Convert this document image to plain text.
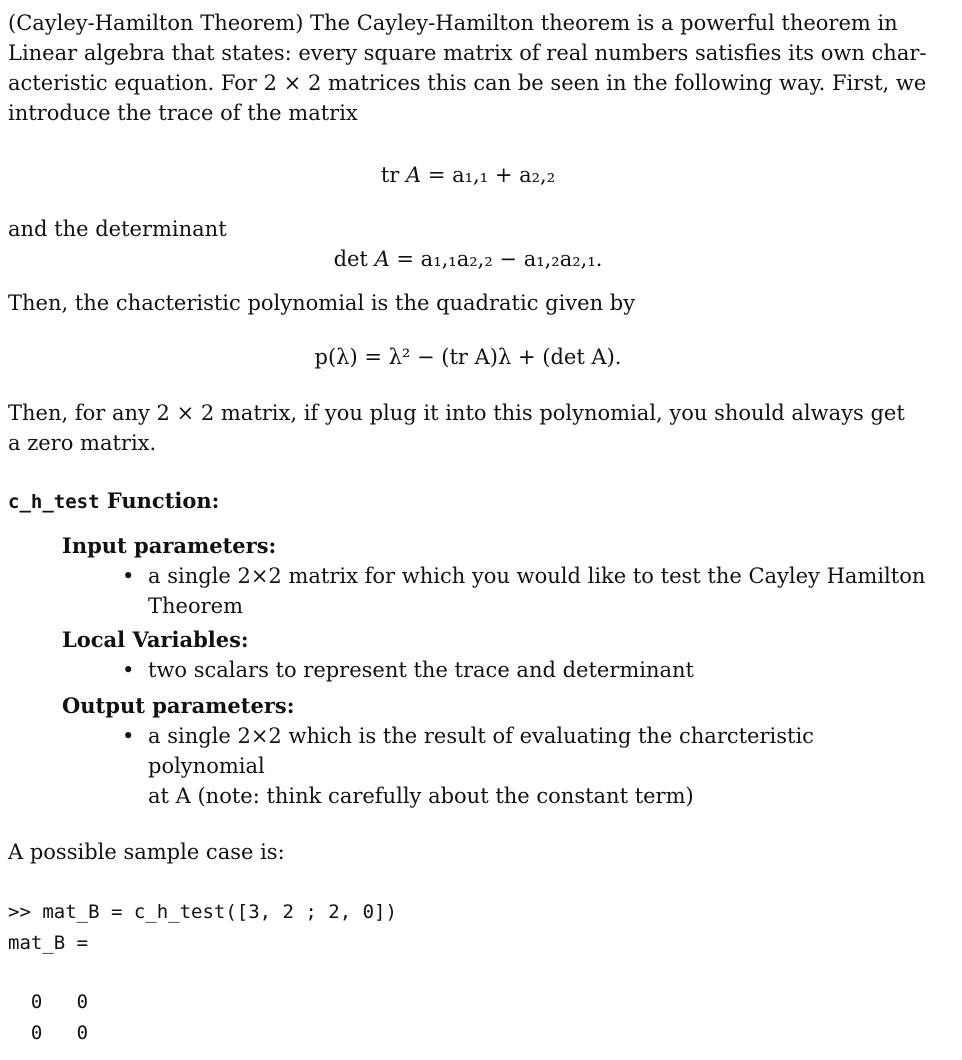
(Cayley-Hamilton Theorem) The Cayley-Hamilton theorem is a powerful theorem in

Linear algebra that states: every square matrix of real numbers satisfies its own char-

acteristic equation. For 2 × 2 matrices this can be seen in the following way. First, we

introduce the trace of the matrix

tr A = a₁,₁ + a₂,₂

and the determinant

det A = a₁,₁a₂,₂ − a₁,₂a₂,₁.

Then, the chacteristic polynomial is the quadratic given by

p(λ) = λ² − (tr A)λ + (det A).

Then, for any 2 × 2 matrix, if you plug it into this polynomial, you should always get

a zero matrix.

c_h_test Function:

Input parameters:

• a single 2×2 matrix for which you would like to test the Cayley Hamilton
Theorem

Local Variables:

• two scalars to represent the trace and determinant

Output parameters:

• a single 2×2 which is the result of evaluating the charcteristic polynomial
at A (note: think carefully about the constant term)

A possible sample case is:

>> mat_B = c_h_test([3, 2 ; 2, 0])
mat_B =
0   0
0   0
